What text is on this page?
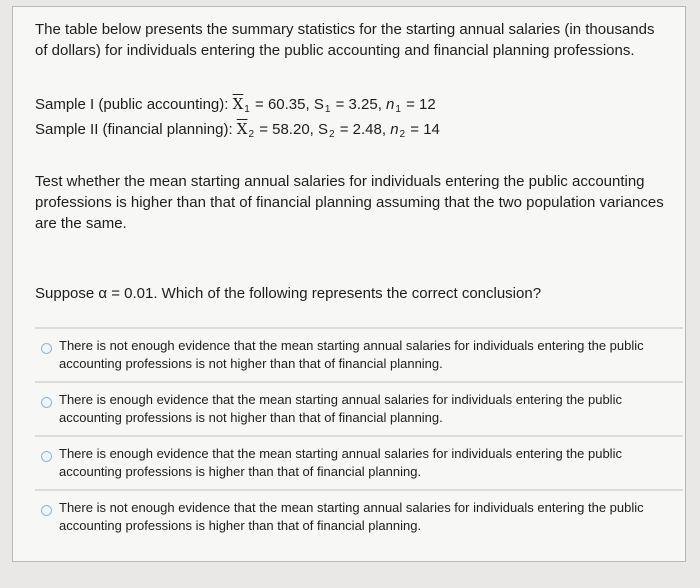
The table below presents the summary statistics for the starting annual salaries (in thousands of dollars) for individuals entering the public accounting and financial planning professions.

Sample I (public accounting): $\overline{X}_1 = 60.35$, $S_1 = 3.25$, $n_1 = 12$
Sample II (financial planning): $\overline{X}_2 = 58.20$, $S_2 = 2.48$, $n_2 = 14$

Test whether the mean starting annual salaries for individuals entering the public accounting professions is higher than that of financial planning assuming that the two population variances are the same.

Suppose α = 0.01. Which of the following represents the correct conclusion?

There is not enough evidence that the mean starting annual salaries for individuals entering the public accounting professions is not higher than that of financial planning.
There is enough evidence that the mean starting annual salaries for individuals entering the public accounting professions is not higher than that of financial planning.
There is enough evidence that the mean starting annual salaries for individuals entering the public accounting professions is higher than that of financial planning.
There is not enough evidence that the mean starting annual salaries for individuals entering the public accounting professions is higher than that of financial planning.
